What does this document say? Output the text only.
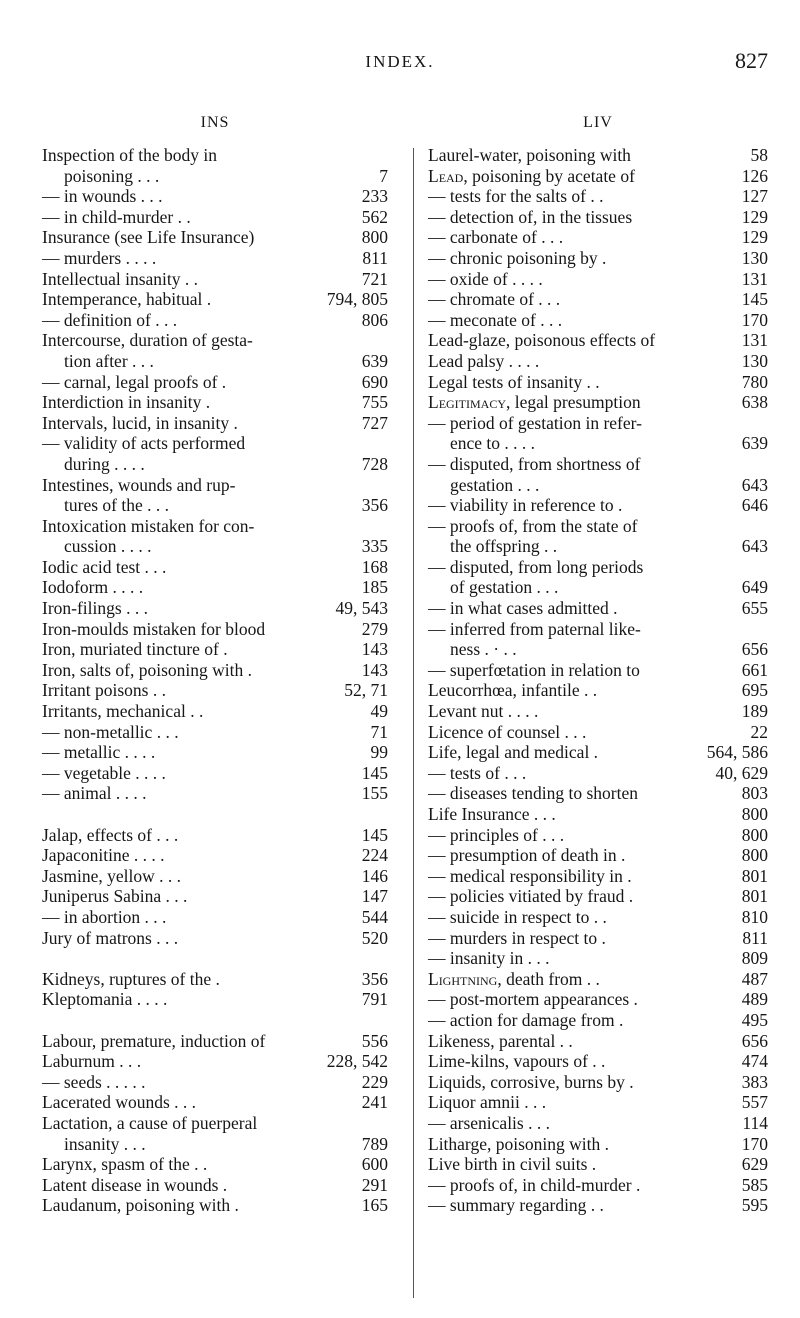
INDEX.	827
INS
Inspection of the body in
poisoning . . .	7
— in wounds . . .	233
— in child-murder . .	562
Insurance (see Life Insurance)	800
— murders . . . .	811
Intellectual insanity . .	721
Intemperance, habitual .	794, 805
— definition of . . .	806
Intercourse, duration of gesta-
tion after . . .	639
— carnal, legal proofs of .	690
Interdiction in insanity .	755
Intervals, lucid, in insanity .	727
— validity of acts performed
during . . . .	728
Intestines, wounds and rup-
tures of the . . .	356
Intoxication mistaken for con-
cussion . . . .	335
Iodic acid test . . .	168
Iodoform . . . .	185
Iron-filings . . .	49, 543
Iron-moulds mistaken for blood	279
Iron, muriated tincture of .	143
Iron, salts of, poisoning with .	143
Irritant poisons . .	52, 71
Irritants, mechanical . .	49
— non-metallic . . .	71
— metallic . . . .	99
— vegetable . . . .	145
— animal . . . .	155
Jalap, effects of . . .	145
Japaconitine . . . .	224
Jasmine, yellow . . .	146
Juniperus Sabina . . .	147
— in abortion . . .	544
Jury of matrons . . .	520
Kidneys, ruptures of the .	356
Kleptomania . . . .	791
Labour, premature, induction of	556
Laburnum . . .	228, 542
— seeds . . . . .	229
Lacerated wounds . . .	241
Lactation, a cause of puerperal
insanity . . .	789
Larynx, spasm of the . .	600
Latent disease in wounds .	291
Laudanum, poisoning with .	165
LIV
Laurel-water, poisoning with	58
Lead, poisoning by acetate of	126
— tests for the salts of . .	127
— detection of, in the tissues	129
— carbonate of . . .	129
— chronic poisoning by .	130
— oxide of . . . .	131
— chromate of . . .	145
— meconate of . . .	170
Lead-glaze, poisonous effects of	131
Lead palsy . . . .	130
Legal tests of insanity . .	780
Legitimacy, legal presumption	638
— period of gestation in refer-
ence to . . . .	639
— disputed, from shortness of
gestation . . .	643
— viability in reference to .	646
— proofs of, from the state of
the offspring . .	643
— disputed, from long periods
of gestation . . .	649
— in what cases admitted .	655
— inferred from paternal like-
ness . · . .	656
— superfœtation in relation to	661
Leucorrhœa, infantile . .	695
Levant nut . . . .	189
Licence of counsel . . .	22
Life, legal and medical .	564, 586
— tests of . . .	40, 629
— diseases tending to shorten	803
Life Insurance . . .	800
— principles of . . .	800
— presumption of death in .	800
— medical responsibility in .	801
— policies vitiated by fraud .	801
— suicide in respect to . .	810
— murders in respect to .	811
— insanity in . . .	809
Lightning, death from . .	487
— post-mortem appearances .	489
— action for damage from .	495
Likeness, parental . .	656
Lime-kilns, vapours of . .	474
Liquids, corrosive, burns by .	383
Liquor amnii . . .	557
— arsenicalis . . .	114
Litharge, poisoning with .	170
Live birth in civil suits .	629
— proofs of, in child-murder .	585
— summary regarding . .	595
